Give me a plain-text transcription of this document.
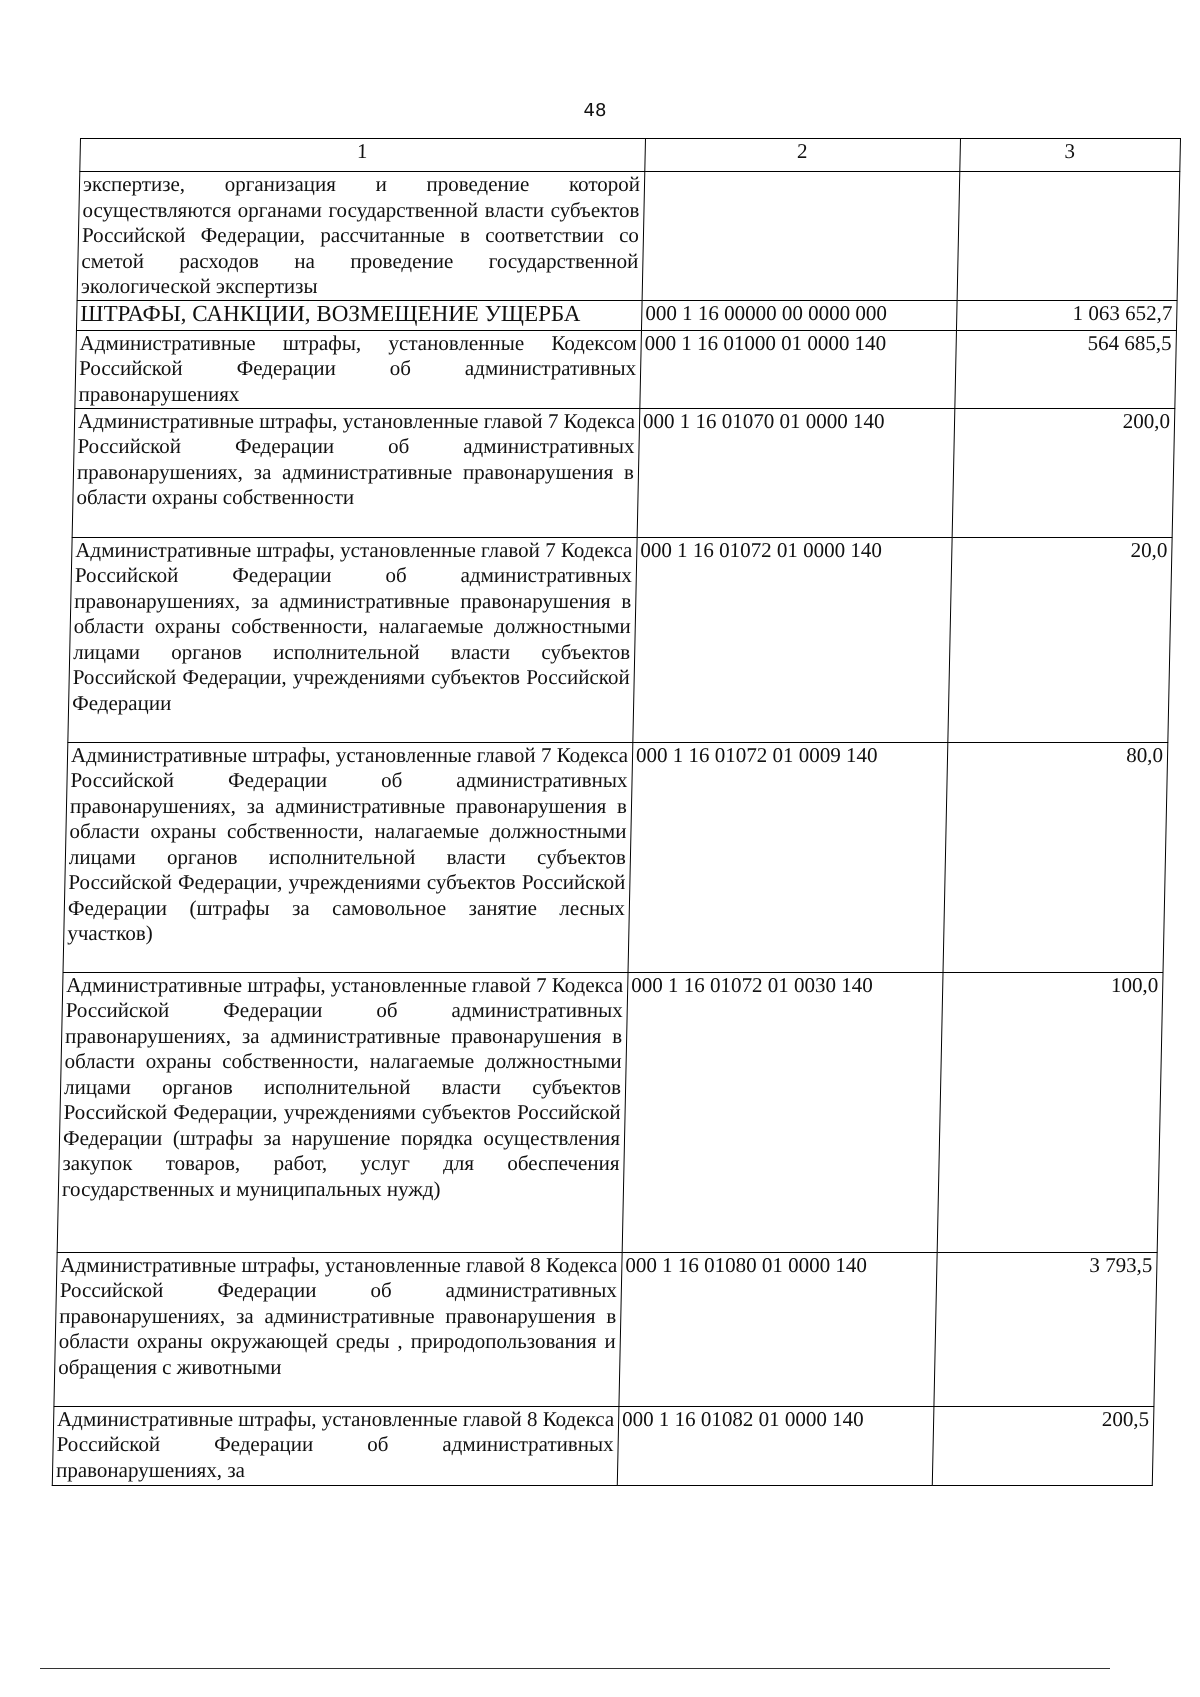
48
1	2	3
экспертизе, организация и проведение которой осуществляются органами государственной власти субъектов Российской Федерации, рассчитанные в соответствии со сметой расходов на проведение государственной экологической экспертизы		
ШТРАФЫ, САНКЦИИ, ВОЗМЕЩЕНИЕ УЩЕРБА	000 1 16 00000 00 0000 000	1 063 652,7
Административные штрафы, установленные Кодексом Российской Федерации об административных правонарушениях	000 1 16 01000 01 0000 140	564 685,5
Административные штрафы, установленные главой 7 Кодекса Российской Федерации об административных правонарушениях, за административные правонарушения в области охраны собственности	000 1 16 01070 01 0000 140	200,0
Административные штрафы, установленные главой 7 Кодекса Российской Федерации об административных правонарушениях, за административные правонарушения в области охраны собственности, налагаемые должностными лицами органов исполнительной власти субъектов Российской Федерации, учреждениями субъектов Российской Федерации	000 1 16 01072 01 0000 140	20,0
Административные штрафы, установленные главой 7 Кодекса Российской Федерации об административных правонарушениях, за административные правонарушения в области охраны собственности, налагаемые должностными лицами органов исполнительной власти субъектов Российской Федерации, учреждениями субъектов Российской Федерации (штрафы за самовольное занятие лесных участков)	000 1 16 01072 01 0009 140	80,0
Административные штрафы, установленные главой 7 Кодекса Российской Федерации об административных правонарушениях, за административные правонарушения в области охраны собственности, налагаемые должностными лицами органов исполнительной власти субъектов Российской Федерации, учреждениями субъектов Российской Федерации (штрафы за нарушение порядка осуществления закупок товаров, работ, услуг для обеспечения государственных и муниципальных нужд)	000 1 16 01072 01 0030 140	100,0
Административные штрафы, установленные главой 8 Кодекса Российской Федерации об административных правонарушениях, за административные правонарушения в области охраны окружающей среды , природопользования и обращения с животными	000 1 16 01080 01 0000 140	3 793,5
Административные штрафы, установленные главой 8 Кодекса Российской Федерации об административных правонарушениях, за	000 1 16 01082 01 0000 140	200,5
